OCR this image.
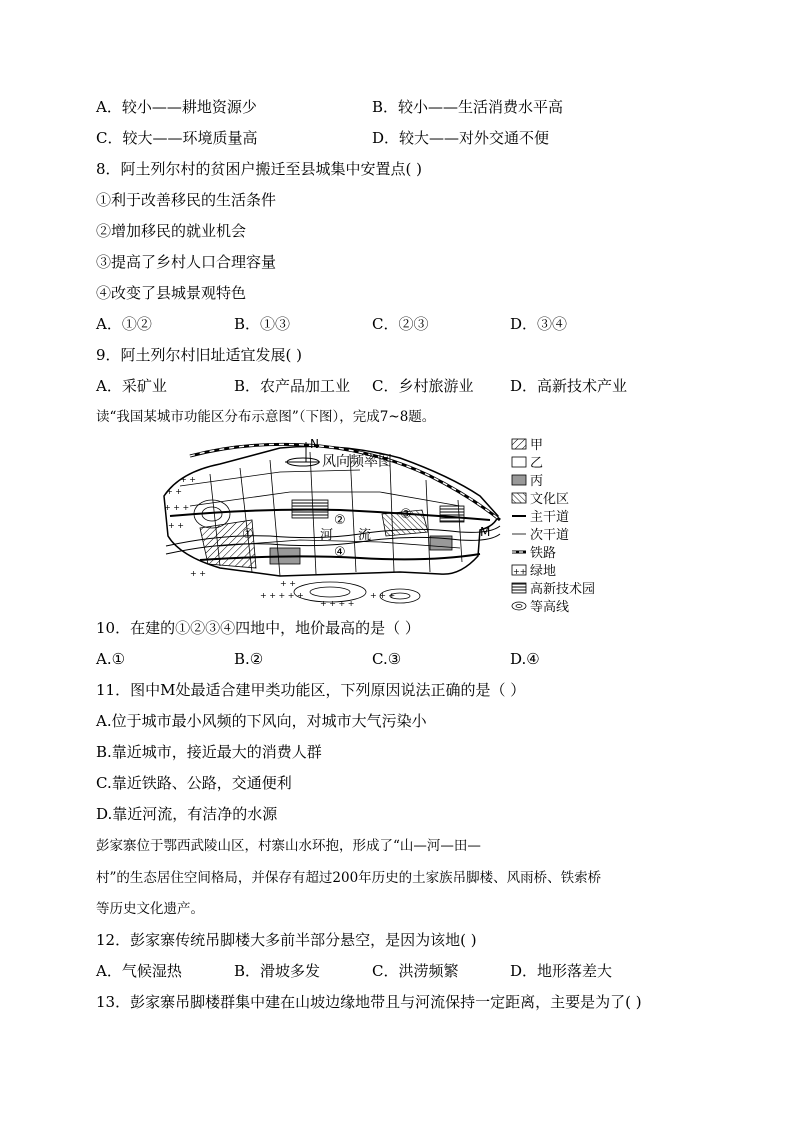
A．较小——耕地资源少	B．较小——生活消费水平高
C．较大——环境质量高	D．较大——对外交通不便
8．阿土列尔村的贫困户搬迁至县城集中安置点( )
①利于改善移民的生活条件
②增加移民的就业机会
③提高了乡村人口合理容量
④改变了县城景观特色
A．①②	B．①③	C．②③	D．③④
9．阿土列尔村旧址适宜发展( )
A．采矿业	B．农产品加工业 C．乡村旅游业 D．高新技术产业
读“我国某城市功能区分布示意图”（下图），完成7~8题。
+ +
+ + +
+ +
+ +
+ +
+ + + + +
+ + + +
+ + +
+ +
N
风向频率图
河 流
①
②	③
④
M
甲
乙
丙
文化区
主干道
次干道
铁路
++ 绿地
高新技术园
等高线
10．在建的①②③④四地中，地价最高的是（ ）
A.①	B.②	C.③	D.④
11．图中M处最适合建甲类功能区，下列原因说法正确的是（ ）
A.位于城市最小风频的下风向，对城市大气污染小
B.靠近城市，接近最大的消费人群
C.靠近铁路、公路，交通便利
D.靠近河流，有洁净的水源
彭家寨位于鄂西武陵山区，村寨山水环抱，形成了“山—河—田—
村”的生态居住空间格局，并保存有超过200年历史的土家族吊脚楼、风雨桥、铁索桥
等历史文化遗产。
12．彭家寨传统吊脚楼大多前半部分悬空，是因为该地( )
A．气候湿热	B．滑坡多发	C．洪涝频繁	D．地形落差大
13．彭家寨吊脚楼群集中建在山坡边缘地带且与河流保持一定距离，主要是为了( )
